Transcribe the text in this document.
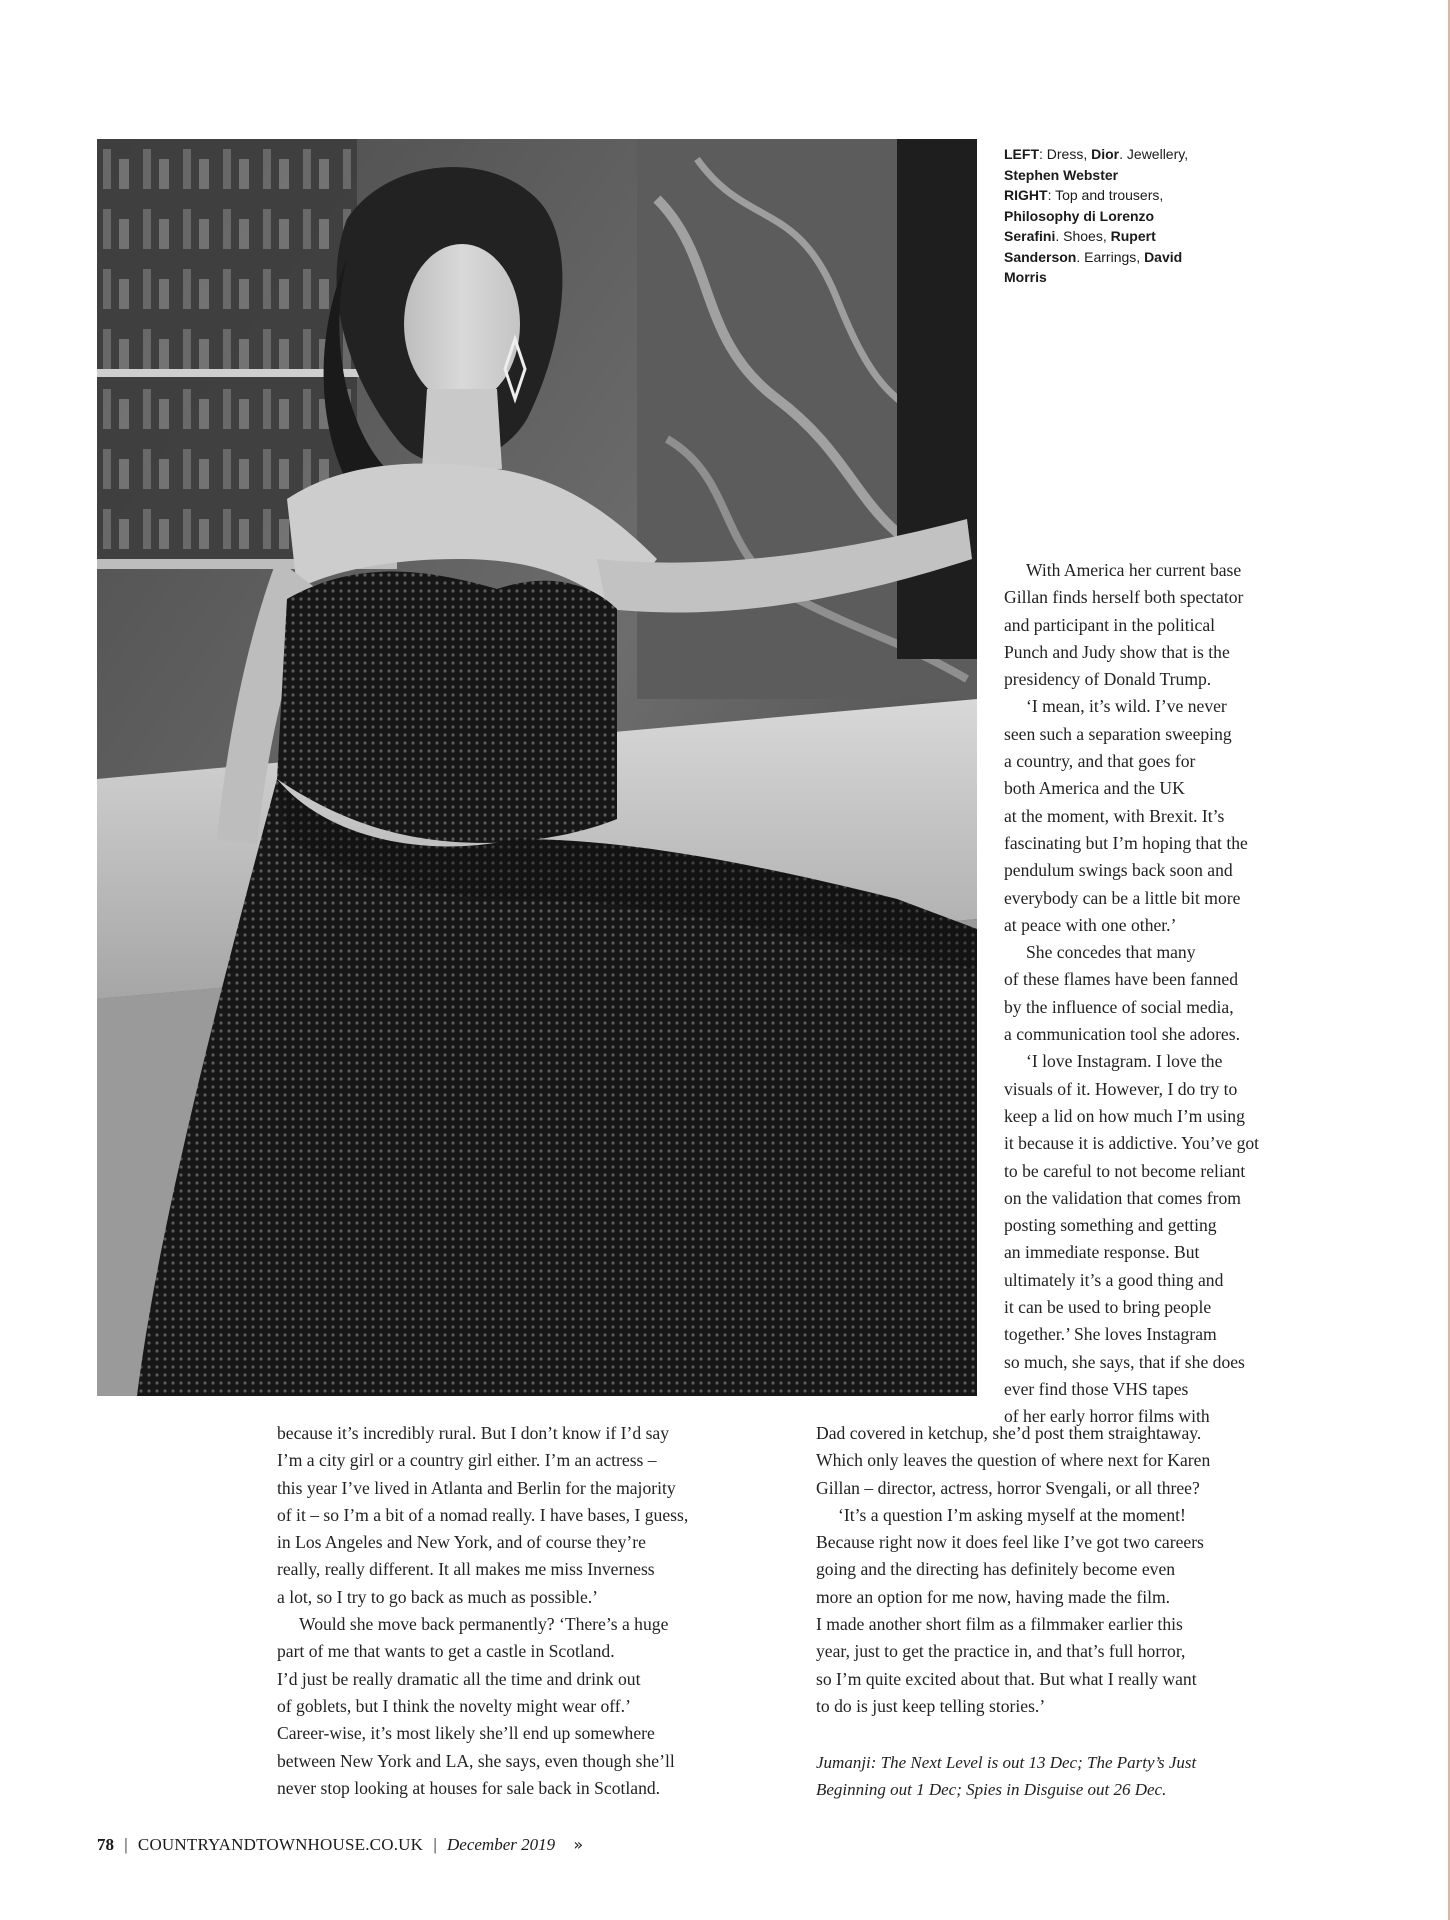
LEFT: Dress, Dior. Jewellery, Stephen Webster
RIGHT: Top and trousers, Philosophy di Lorenzo Serafini. Shoes, Rupert Sanderson. Earrings, David Morris
With America her current base
Gillan finds herself both spectator
and participant in the political
Punch and Judy show that is the
presidency of Donald Trump.
‘I mean, it’s wild. I’ve never
seen such a separation sweeping
a country, and that goes for
both America and the UK
at the moment, with Brexit. It’s
fascinating but I’m hoping that the
pendulum swings back soon and
everybody can be a little bit more
at peace with one other.’
She concedes that many
of these flames have been fanned
by the influence of social media,
a communication tool she adores.
‘I love Instagram. I love the
visuals of it. However, I do try to
keep a lid on how much I’m using
it because it is addictive. You’ve got
to be careful to not become reliant
on the validation that comes from
posting something and getting
an immediate response. But
ultimately it’s a good thing and
it can be used to bring people
together.’ She loves Instagram
so much, she says, that if she does
ever find those VHS tapes
of her early horror films with
because it’s incredibly rural. But I don’t know if I’d say
I’m a city girl or a country girl either. I’m an actress –
this year I’ve lived in Atlanta and Berlin for the majority
of it – so I’m a bit of a nomad really. I have bases, I guess,
in Los Angeles and New York, and of course they’re
really, really different. It all makes me miss Inverness
a lot, so I try to go back as much as possible.’
Would she move back permanently? ‘There’s a huge
part of me that wants to get a castle in Scotland.
I’d just be really dramatic all the time and drink out
of goblets, but I think the novelty might wear off.’
Career-wise, it’s most likely she’ll end up somewhere
between New York and LA, she says, even though she’ll
never stop looking at houses for sale back in Scotland.
Dad covered in ketchup, she’d post them straightaway.
Which only leaves the question of where next for Karen
Gillan – director, actress, horror Svengali, or all three?
‘It’s a question I’m asking myself at the moment!
Because right now it does feel like I’ve got two careers
going and the directing has definitely become even
more an option for me now, having made the film.
I made another short film as a filmmaker earlier this
year, just to get the practice in, and that’s full horror,
so I’m quite excited about that. But what I really want
to do is just keep telling stories.’
Jumanji: The Next Level is out 13 Dec; The Party’s Just
Beginning out 1 Dec; Spies in Disguise out 26 Dec.
78 | COUNTRYANDTOWNHOUSE.CO.UK | December 2019 »
